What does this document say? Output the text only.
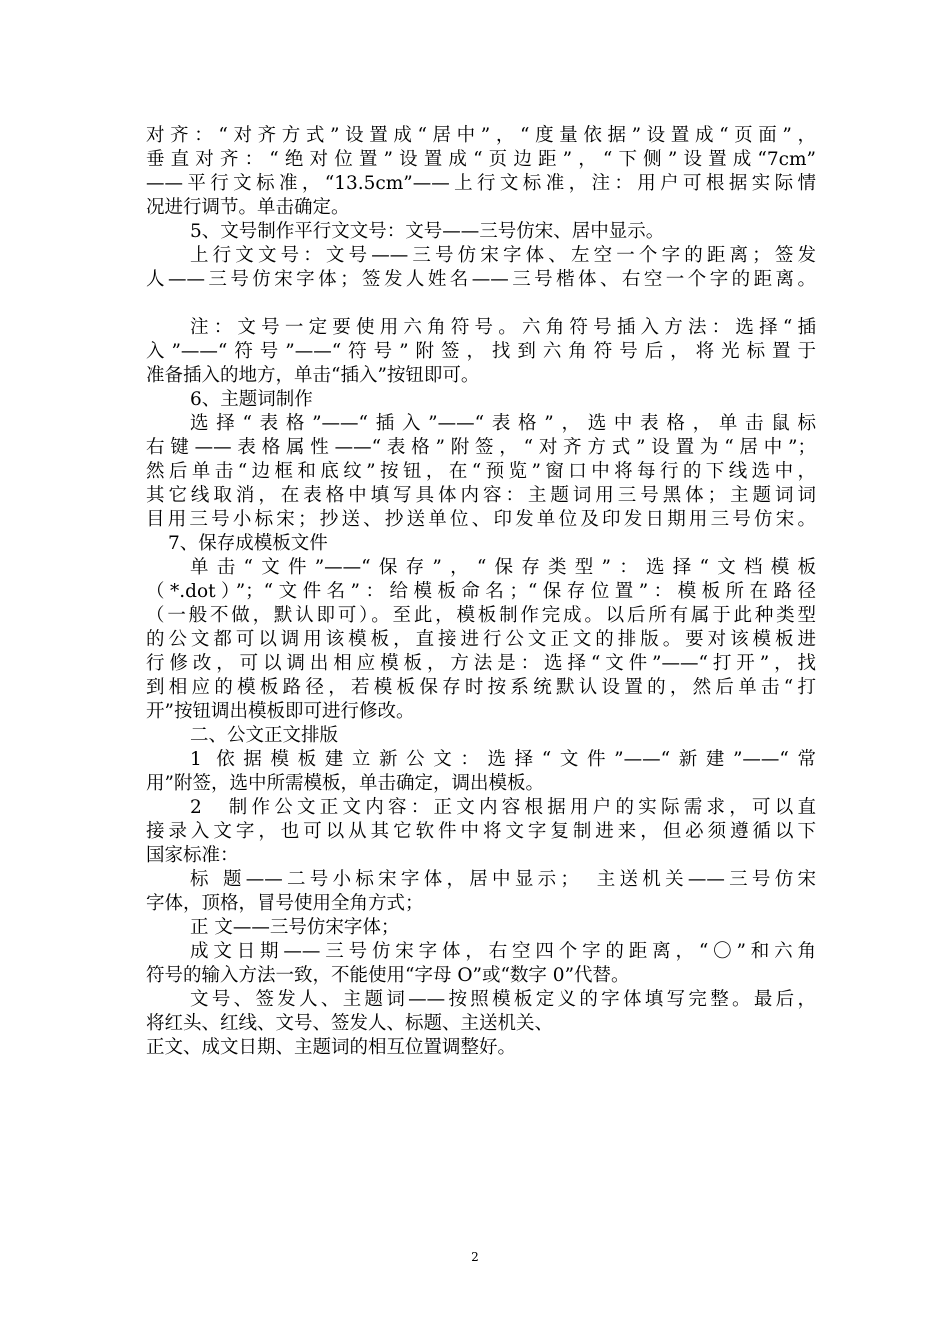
对齐：“对齐方式”设置成“居中”，“度量依据”设置成“页面”，
垂直对齐：“绝对位置”设置成“页边距”，“下侧”设置成“7cm”
——平行文标准，“13.5cm”——上行文标准，注：用户可根据实际情
况进行调节。单击确定。
5、文号制作平行文文号：文号——三号仿宋、居中显示。
上行文文号：文号——三号仿宋字体、左空一个字的距离；签发
人——三号仿宋字体；签发人姓名——三号楷体、右空一个字的距离。
注：文号一定要使用六角符号。六角符号插入方法：选择“插
入”——“符号”——“符号”附签，找到六角符号后，将光标置于
准备插入的地方，单击“插入”按钮即可。
6、主题词制作
选择“表格”——“插入”——“表格”，选中表格，单击鼠标
右键——表格属性——“表格”附签，“对齐方式”设置为“居中”；
然后单击“边框和底纹”按钮，在“预览”窗口中将每行的下线选中，
其它线取消，在表格中填写具体内容：主题词用三号黑体；主题词词
目用三号小标宋；抄送、抄送单位、印发单位及印发日期用三号仿宋。
7、保存成模板文件
单击“文件”——“保存”，“保存类型”：选择“文档模板
（*.dot）”；“文件名”：给模板命名；“保存位置”：模板所在路径
（一般不做，默认即可）。至此，模板制作完成。以后所有属于此种类型
的公文都可以调用该模板，直接进行公文正文的排版。要对该模板进
行修改，可以调出相应模板，方法是：选择“文件”——“打开”，找
到相应的模板路径，若模板保存时按系统默认设置的，然后单击“打
开”按钮调出模板即可进行修改。
二、公文正文排版
1 依据模板建立新公文：选择“文件”——“新建”——“常
用”附签，选中所需模板，单击确定，调出模板。
2　制作公文正文内容：正文内容根据用户的实际需求，可以直
接录入文字，也可以从其它软件中将文字复制进来，但必须遵循以下
国家标准：
标 题——二号小标宋字体，居中显示；　主送机关——三号仿宋
字体，顶格，冒号使用全角方式；
正 文——三号仿宋字体；
成文日期——三号仿宋字体，右空四个字的距离，“〇”和六角
符号的输入方法一致，不能使用“字母 O”或“数字 0”代替。
文号、签发人、主题词——按照模板定义的字体填写完整。最后，
将红头、红线、文号、签发人、标题、主送机关、
正文、成文日期、主题词的相互位置调整好。
2
